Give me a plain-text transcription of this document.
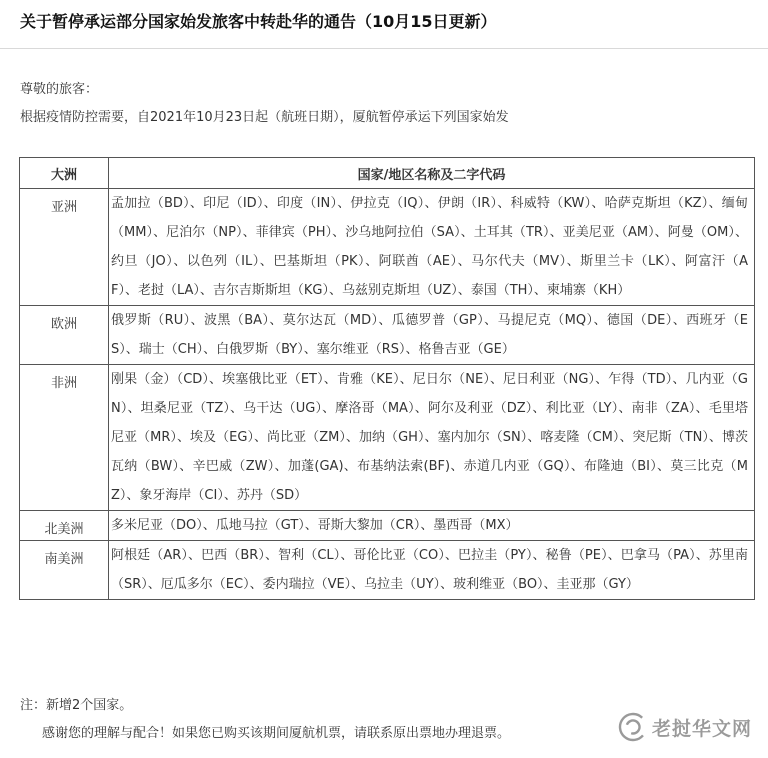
关于暂停承运部分国家始发旅客中转赴华的通告（10月15日更新）
尊敬的旅客：
根据疫情防控需要，自2021年10月23日起（航班日期），厦航暂停承运下列国家始发
大洲	国家/地区名称及二字代码
亚洲	孟加拉（BD）、印尼（ID）、印度（IN）、伊拉克（IQ）、伊朗（IR）、科威特（KW）、哈萨克斯坦（KZ）、缅甸（MM）、尼泊尔（NP）、菲律宾（PH）、沙乌地阿拉伯（SA）、土耳其（TR）、亚美尼亚（AM）、阿曼（OM）、约旦（JO）、以色列（IL）、巴基斯坦（PK）、阿联酋（AE）、马尔代夫（MV）、斯里兰卡（LK）、阿富汗（AF）、老挝（LA）、吉尔吉斯斯坦（KG）、乌兹别克斯坦（UZ）、泰国（TH）、柬埔寨（KH）
欧洲	俄罗斯（RU）、波黑（BA）、莫尔达瓦（MD）、瓜德罗普（GP）、马提尼克（MQ）、德国（DE）、西班牙（ES）、瑞士（CH）、白俄罗斯（BY）、塞尔维亚（RS）、格鲁吉亚（GE）
非洲	刚果（金）（CD）、埃塞俄比亚（ET）、肯雅（KE）、尼日尔（NE）、尼日利亚（NG）、乍得（TD）、几内亚（GN）、坦桑尼亚（TZ）、乌干达（UG）、摩洛哥（MA）、阿尔及利亚（DZ）、利比亚（LY）、南非（ZA）、毛里塔尼亚（MR）、埃及（EG）、尚比亚（ZM）、加纳（GH）、塞内加尔（SN）、喀麦隆（CM）、突尼斯（TN）、博茨瓦纳（BW）、辛巴威（ZW）、加蓬(GA)、布基纳法索(BF)、赤道几内亚（GQ）、布隆迪（BI）、莫三比克（MZ）、象牙海岸（CI）、苏丹（SD）
北美洲	多米尼亚（DO）、瓜地马拉（GT）、哥斯大黎加（CR）、墨西哥（MX）
南美洲	阿根廷（AR）、巴西（BR）、智利（CL）、哥伦比亚（CO）、巴拉圭（PY）、秘鲁（PE）、巴拿马（PA）、苏里南（SR）、厄瓜多尔（EC）、委内瑞拉（VE）、乌拉圭（UY）、玻利维亚（BO）、圭亚那（GY）
注：新增2个国家。
感谢您的理解与配合！如果您已购买该期间厦航机票，请联系原出票地办理退票。	老挝华文网
